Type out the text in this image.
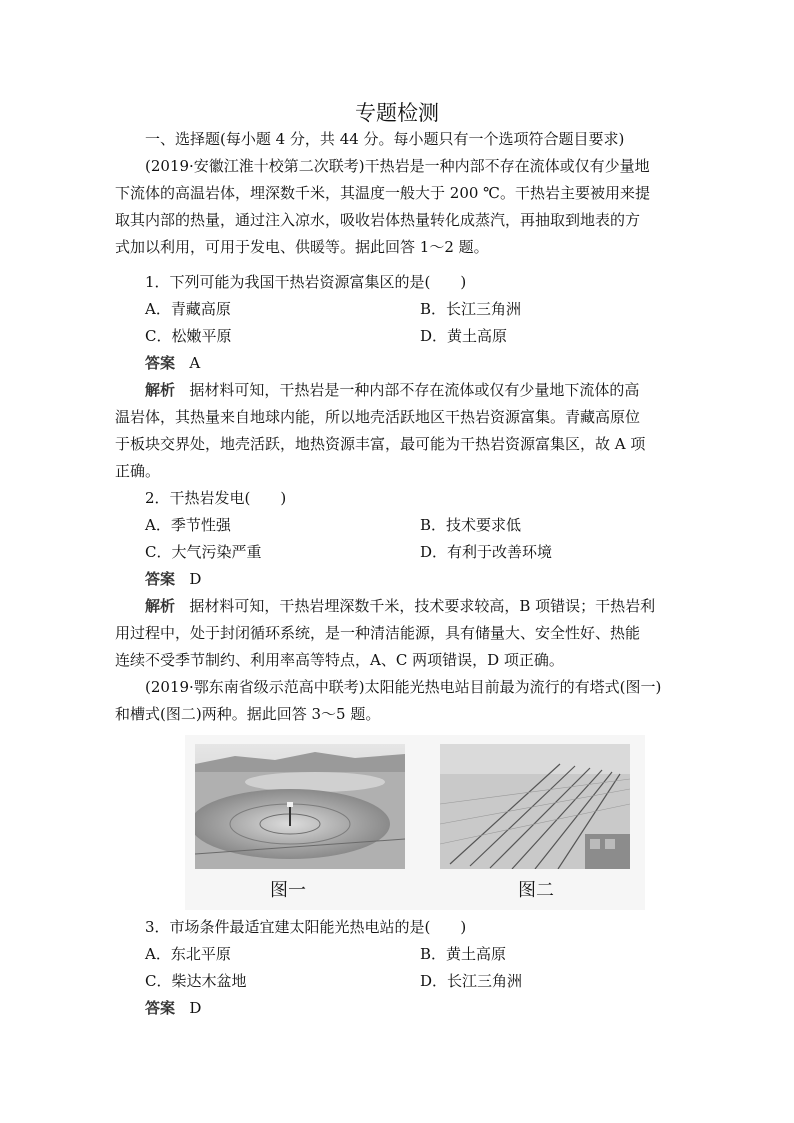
专题检测
一、选择题(每小题 4 分，共 44 分。每小题只有一个选项符合题目要求)
(2019·安徽江淮十校第二次联考)干热岩是一种内部不存在流体或仅有少量地
下流体的高温岩体，埋深数千米，其温度一般大于 200 ℃。干热岩主要被用来提
取其内部的热量，通过注入凉水，吸收岩体热量转化成蒸汽，再抽取到地表的方
式加以利用，可用于发电、供暖等。据此回答 1～2 题。
1．下列可能为我国干热岩资源富集区的是(　　)
A．青藏高原	B．长江三角洲
C．松嫩平原	D．黄土高原
答案 A
解析 据材料可知，干热岩是一种内部不存在流体或仅有少量地下流体的高
温岩体，其热量来自地球内能，所以地壳活跃地区干热岩资源富集。青藏高原位
于板块交界处，地壳活跃，地热资源丰富，最可能为干热岩资源富集区，故 A 项
正确。
2．干热岩发电(　　)
A．季节性强	B．技术要求低
C．大气污染严重	D．有利于改善环境
答案 D
解析 据材料可知，干热岩埋深数千米，技术要求较高，B 项错误；干热岩利
用过程中，处于封闭循环系统，是一种清洁能源，具有储量大、安全性好、热能
连续不受季节制约、利用率高等特点，A、C 两项错误，D 项正确。
(2019·鄂东南省级示范高中联考)太阳能光热电站目前最为流行的有塔式(图一)
和槽式(图二)两种。据此回答 3～5 题。
图一	图二
3．市场条件最适宜建太阳能光热电站的是(　　)
A．东北平原	B．黄土高原
C．柴达木盆地	D．长江三角洲
答案 D
